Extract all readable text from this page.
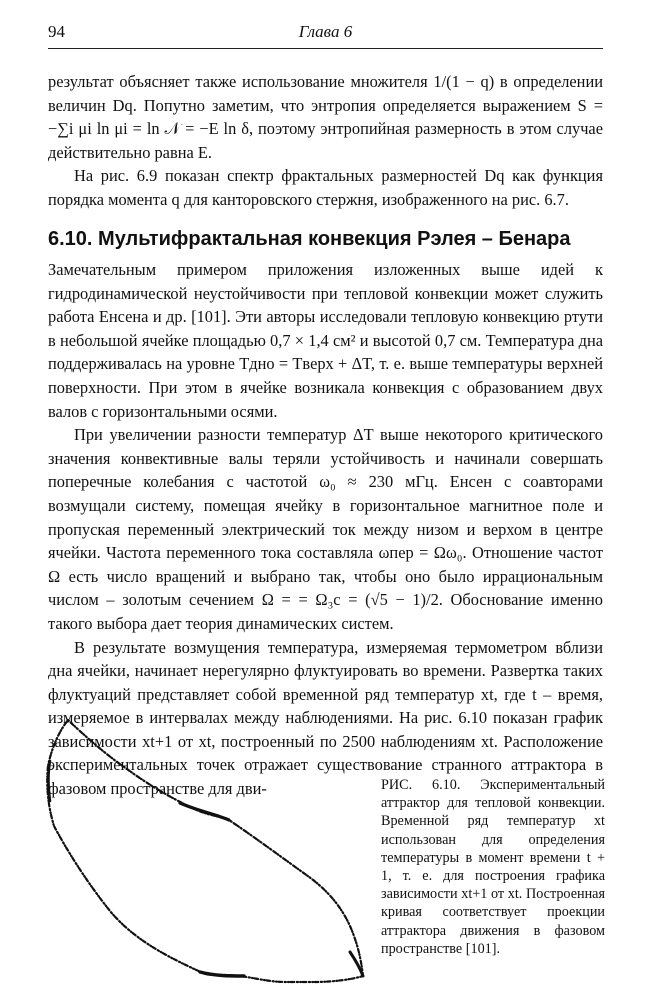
94	Глава 6

результат объясняет также использование множителя 1/(1 − q) в определении величин Dq. Попутно заметим, что энтропия определяется выражением S = −∑i μi ln μi = ln 𝒩 = −E ln δ, поэтому энтропийная размерность в этом случае действительно равна E.

На рис. 6.9 показан спектр фрактальных размерностей Dq как функция порядка момента q для канторовского стержня, изображенного на рис. 6.7.

6.10. Мультифрактальная конвекция Рэлея – Бенара

Замечательным примером приложения изложенных выше идей к гидродинамической неустойчивости при тепловой конвекции может служить работа Енсена и др. [101]. Эти авторы исследовали тепловую конвекцию ртути в небольшой ячейке площадью 0,7 × 1,4 см² и высотой 0,7 см. Температура дна поддерживалась на уровне Tдно = Tверх + ΔT, т. е. выше температуры верхней поверхности. При этом в ячейке возникала конвекция с образованием двух валов с горизонтальными осями.

При увеличении разности температур ΔT выше некоторого критического значения конвективные валы теряли устойчивость и начинали совершать поперечные колебания с частотой ω₀ ≈ 230 мГц. Енсен с соавторами возмущали систему, помещая ячейку в горизонтальное магнитное поле и пропуская переменный электрический ток между низом и верхом в центре ячейки. Частота переменного тока составляла ωпер = Ωω₀. Отношение частот Ω есть число вращений и выбрано так, чтобы оно было иррациональным числом – золотым сечением Ω = = Ω₃с = (√5 − 1)/2. Обоснование именно такого выбора дает теория динамических систем.

В результате возмущения температура, измеряемая термометром вблизи дна ячейки, начинает нерегулярно флуктуировать во времени. Развертка таких флуктуаций представляет собой временной ряд температур xt, где t – время, измеряемое в интервалах между наблюдениями. На рис. 6.10 показан график зависимости xt+1 от xt, построенный по 2500 наблюдениям xt. Расположение экспериментальных точек отражает существование странного аттрактора в фазовом пространстве для дви-	РИС. 6.10. Экспериментальный аттрактор для тепловой конвекции. Временной ряд температур xt использован для определения температуры в момент времени t + 1, т. е. для построения графика зависимости xt+1 от xt. Построенная кривая соответствует проекции аттрактора движения в фазовом пространстве [101].
